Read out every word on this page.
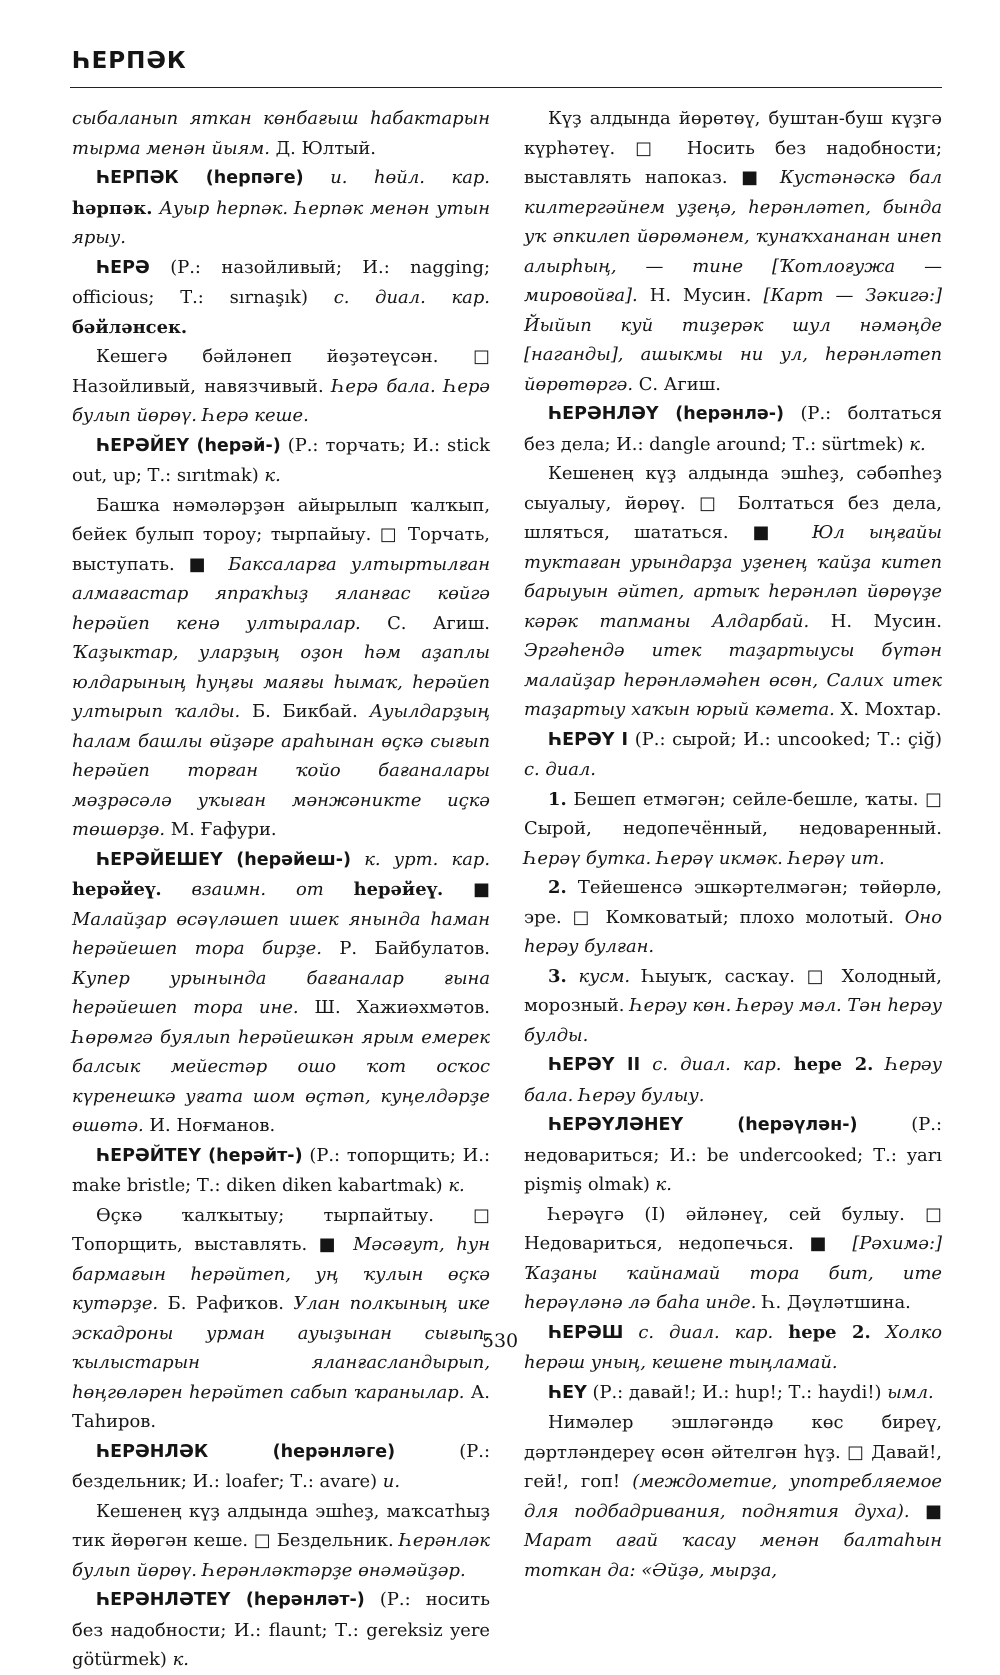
ҺЕРПӘК

сыбаланып яткан көнбағыш һабактарын тырма менән йыям. Д. Юлтый.

ҺЕРПӘК (һерпәге) и. һөйл. кар. һәрпәк. Ауыр һерпәк. Һерпәк менән утын ярыу.

ҺЕРӘ (Р.: назойливый; И.: nagging; officious; Т.: sırnaşık) с. диал. кар. бәйләнсек.

Кешегә бәйләнеп йөҙәтеүсән. □ Назойливый, навязчивый. Һерә бала. Һерә булып йөрөү. Һерә кеше.

ҺЕРӘЙЕҮ (һерәй-) (Р.: торчать; И.: stick out, up; Т.: sırıtmak) к.

Башҡа нәмәләрҙән айырылып ҡалҡып, бейек булып тороу; тырпайыу. □ Торчать, выступать. ■ Баксаларға ултыртылған алмағастар япраҡһыҙ яланғас көйгә һерәйеп кенә ултыралар. С. Агиш. Ҡаҙыктар, уларҙың оҙон һәм аҙаплы юлдарының һуңғы маяғы һымаҡ, һерәйеп ултырып ҡалды. Б. Бикбай. Ауылдарҙың һалам башлы өйҙәре араһынан өҫкә сығып һерәйеп торған ҡойо бағаналары мәҙрәсәлә уҡыған мәнжәникте иҫкә төшөрҙө. М. Ғафури.

ҺЕРӘЙЕШЕҮ (һерәйеш-) к. урт. кар. һерәйеү. взаимн. от һерәйеү. ■ Малайҙар өсәүләшеп ишек янында һаман һерәйешеп тора бирҙе. Р. Байбулатов. Купер урынында бағаналар ғына һерәйешеп тора ине. Ш. Хажиәхмәтов. Һөрөмгә буялып һерәйешкән ярым емерек балсык мейестәр ошо ҡот осҡос күренешкә уғата шом өҫтәп, куңелдәрҙе өшөтә. И. Ноғманов.

ҺЕРӘЙТЕҮ (һерәйт-) (Р.: топорщить; И.: make bristle; Т.: diken diken kabartmak) к.

Өҫкә ҡалҡытыу; тырпайтыу. □ Топорщить, выставлять. ■ Мәсәғут, һун бармағын һерәйтеп, уң ҡулын өҫкә кутәрҙе. Б. Рафиҡов. Улан полкының ике эскадроны урман ауыҙынан сығып, ҡылыстарын яланғасландырып, һөңгөләрен һерәйтеп сабып ҡаранылар. А. Таһиров.

ҺЕРӘНЛӘК (һерәнләге) (Р.: бездельник; И.: loafer; Т.: avare) и.

Кешенең күҙ алдында эшһеҙ, маҡсатһыҙ тик йөрөгән кеше. □ Бездельник. Һерәнләк булып йөрөү. Һерәнләктәрҙе өнәмәйҙәр.

ҺЕРӘНЛӘТЕҮ (һерәнләт-) (Р.: носить без надобности; И.: flaunt; Т.: gereksiz yere götürmek) к.

Күҙ алдында йөрөтөү, буштан-буш күҙгә күрһәтеү. □ Носить без надобности; выставлять напоказ. ■ Кустәнәскә бал килтергәйнем уҙеңә, һерәнләтеп, бында уҡ әпкилеп йөрөмәнем, ҡунаҡхананан инеп алырһың, — тине [Ҡотлоғужа — мировойға]. Н. Мусин. [Карт — Зәкигә:] Йыйып куй тиҙерәк шул нәмәңде [наганды], ашыкмы ни ул, һерәнләтеп йөрөтөргә. С. Агиш.

ҺЕРӘНЛӘҮ (һерәнлә-) (Р.: болтаться без дела; И.: dangle around; Т.: sürtmek) к.

Кешенең күҙ алдында эшһеҙ, сәбәпһеҙ сыуалыу, йөрөү. □ Болтаться без дела, шляться, шататься. ■ Юл ыңғайы туктаған урындарҙа уҙенең ҡайҙа китеп барыуын әйтеп, артыҡ һерәнләп йөрөүҙе кәрәк тапманы Алдарбай. Н. Мусин. Эргәһендә итек таҙартыусы бүтән малайҙар һерәнләмәһен өсөн, Салих итек таҙартыу хаҡын юрый кәмета. Х. Мохтар.

ҺЕРӘҮ I (Р.: сырой; И.: uncooked; Т.: çiğ) с. диал.

1. Бешеп етмәгән; сейле-бешле, ҡаты. □ Сырой, недопечённый, недоваренный. Һерәү бутка. Һерәү икмәк. Һерәү ит.

2. Тейешенсә эшкәртелмәгән; төйөрлө, эре. □ Комковатый; плохо молотый. Оно һерәу булған.

3. кусм. Һыуыҡ, сасҡау. □ Холодный, морозный. Һерәу көн. Һерәу мәл. Тән һерәу булды.

ҺЕРӘҮ II с. диал. кар. һере 2. Һерәу бала. Һерәу булыу.

ҺЕРӘҮЛӘНЕҮ (һерәүлән-) (Р.: недовариться; И.: be undercooked; Т.: yarı pişmiş olmak) к.

Һерәүгә (I) әйләнеү, сей булыу. □ Недовариться, недопечься. ■ [Рәхимә:] Ҡаҙаны ҡайнамай тора бит, ите һерәүләнә лә баһа инде. Һ. Дәүләтшина.

ҺЕРӘШ с. диал. кар. һере 2. Холко һерәш уның, кешене тыңламай.

ҺЕҮ (Р.: давай!; И.: hup!; Т.: haydi!) ымл.

Нимәлер эшләгәндә көс биреү, дәртләндереү өсөн әйтелгән һүҙ. □ Давай!, гей!, гоп! (междометие, употребляемое для подбадривания, поднятия духа). ■ Марат ағай ҡасау менән балтаһын тоткан да: «Әйҙә, мырҙа,

530
